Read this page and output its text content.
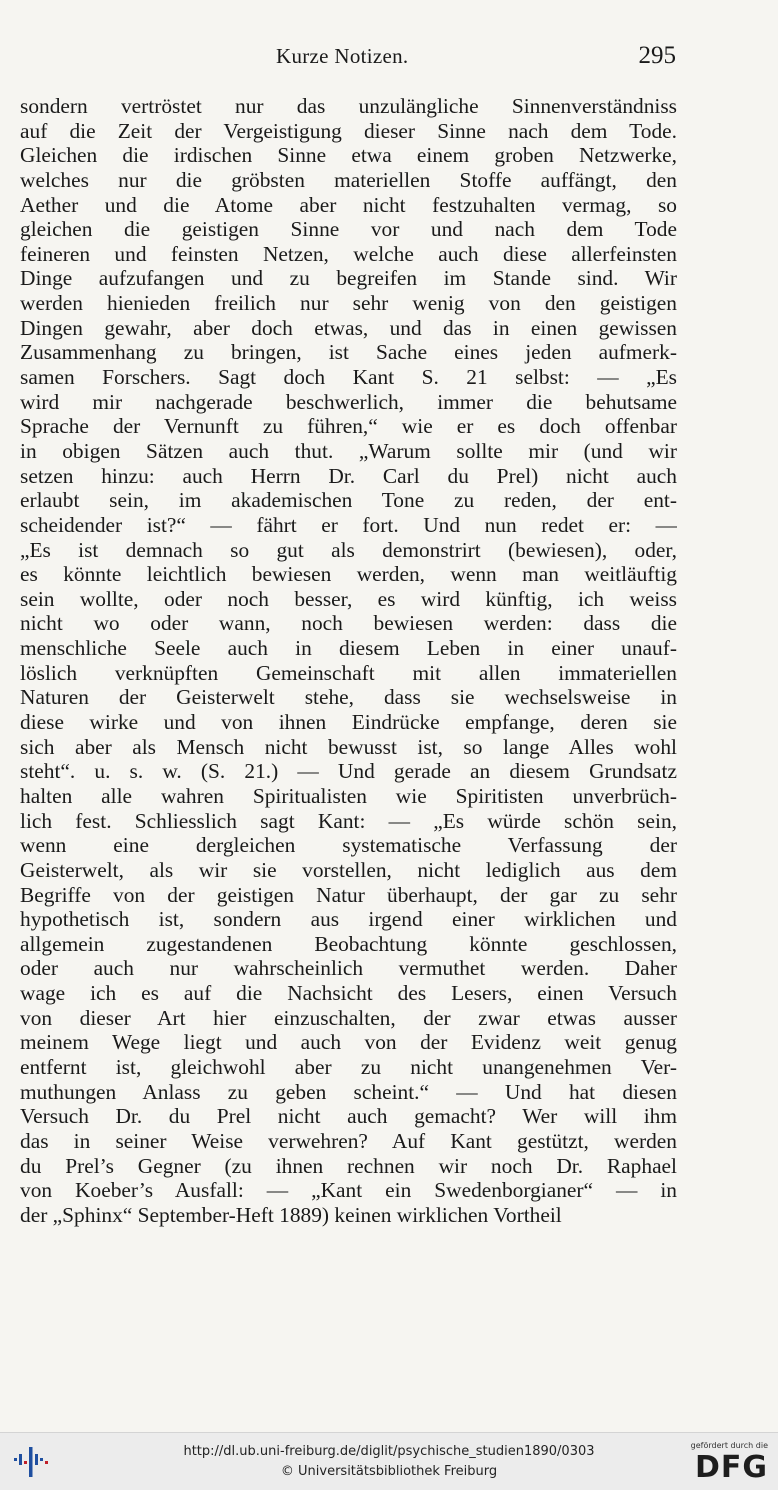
Kurze Notizen.	295
sondern vertröstet nur das unzulängliche Sinnenverständniss
auf die Zeit der Vergeistigung dieser Sinne nach dem Tode.
Gleichen die irdischen Sinne etwa einem groben Netzwerke,
welches nur die gröbsten materiellen Stoffe auffängt, den
Aether und die Atome aber nicht festzuhalten vermag, so
gleichen die geistigen Sinne vor und nach dem Tode
feineren und feinsten Netzen, welche auch diese allerfeinsten
Dinge aufzufangen und zu begreifen im Stande sind. Wir
werden hienieden freilich nur sehr wenig von den geistigen
Dingen gewahr, aber doch etwas, und das in einen gewissen
Zusammenhang zu bringen, ist Sache eines jeden aufmerk-
samen Forschers. Sagt doch Kant S. 21 selbst: — „Es
wird mir nachgerade beschwerlich, immer die behutsame
Sprache der Vernunft zu führen,“ wie er es doch offenbar
in obigen Sätzen auch thut. „Warum sollte mir (und wir
setzen hinzu: auch Herrn Dr. Carl du Prel) nicht auch
erlaubt sein, im akademischen Tone zu reden, der ent-
scheidender ist?“ — fährt er fort. Und nun redet er: —
„Es ist demnach so gut als demonstrirt (bewiesen), oder,
es könnte leichtlich bewiesen werden, wenn man weitläuftig
sein wollte, oder noch besser, es wird künftig, ich weiss
nicht wo oder wann, noch bewiesen werden: dass die
menschliche Seele auch in diesem Leben in einer unauf-
löslich verknüpften Gemeinschaft mit allen immateriellen
Naturen der Geisterwelt stehe, dass sie wechselsweise in
diese wirke und von ihnen Eindrücke empfange, deren sie
sich aber als Mensch nicht bewusst ist, so lange Alles wohl
steht“. u. s. w. (S. 21.) — Und gerade an diesem Grundsatz
halten alle wahren Spiritualisten wie Spiritisten unverbrüch-
lich fest. Schliesslich sagt Kant: — „Es würde schön sein,
wenn eine dergleichen systematische Verfassung der
Geisterwelt, als wir sie vorstellen, nicht lediglich aus dem
Begriffe von der geistigen Natur überhaupt, der gar zu sehr
hypothetisch ist, sondern aus irgend einer wirklichen und
allgemein zugestandenen Beobachtung könnte geschlossen,
oder auch nur wahrscheinlich vermuthet werden. Daher
wage ich es auf die Nachsicht des Lesers, einen Versuch
von dieser Art hier einzuschalten, der zwar etwas ausser
meinem Wege liegt und auch von der Evidenz weit genug
entfernt ist, gleichwohl aber zu nicht unangenehmen Ver-
muthungen Anlass zu geben scheint.“ — Und hat diesen
Versuch Dr. du Prel nicht auch gemacht? Wer will ihm
das in seiner Weise verwehren? Auf Kant gestützt, werden
du Prel’s Gegner (zu ihnen rechnen wir noch Dr. Raphael
von Koeber’s Ausfall: — „Kant ein Swedenborgianer“ — in
der „Sphinx“ September-Heft 1889) keinen wirklichen Vortheil
http://dl.ub.uni-freiburg.de/diglit/psychische_studien1890/0303
© Universitätsbibliothek Freiburg
gefördert durch die
DFG
